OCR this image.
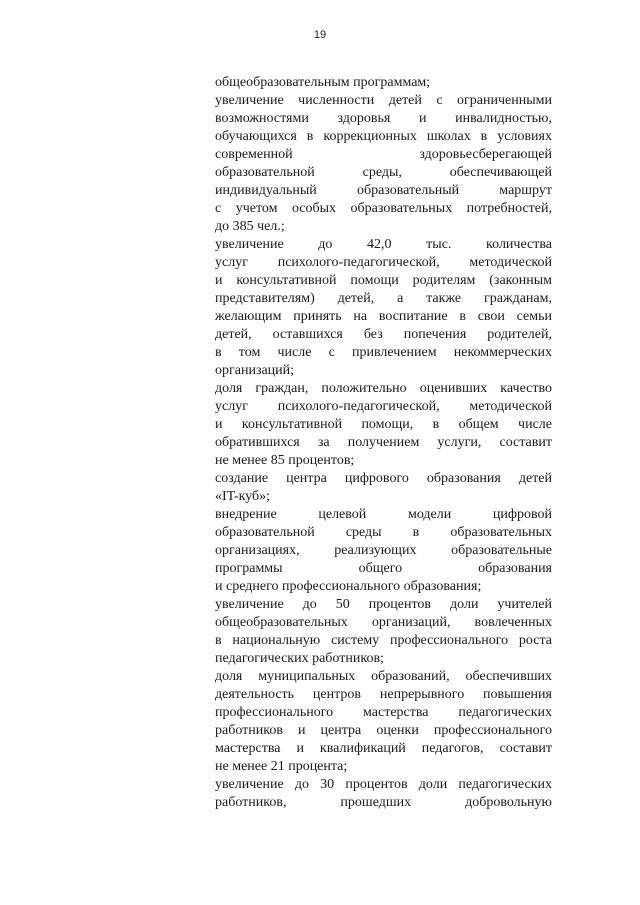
19
общеобразовательным программам;
увеличение численности детей с ограниченными
возможностями здоровья и инвалидностью,
обучающихся в коррекционных школах в условиях
современной здоровьесберегающей
образовательной среды, обеспечивающей
индивидуальный образовательный маршрут
с учетом особых образовательных потребностей,
до 385 чел.;
увеличение до 42,0 тыс. количества
услуг психолого-педагогической, методической
и консультативной помощи родителям (законным
представителям) детей, а также гражданам,
желающим принять на воспитание в свои семьи
детей, оставшихся без попечения родителей,
в том числе с привлечением некоммерческих
организаций;
доля граждан, положительно оценивших качество
услуг психолого-педагогической, методической
и консультативной помощи, в общем числе
обратившихся за получением услуги, составит
не менее 85 процентов;
создание центра цифрового образования детей
«IT-куб»;
внедрение целевой модели цифровой
образовательной среды в образовательных
организациях, реализующих образовательные
программы общего образования
и среднего профессионального образования;
увеличение до 50 процентов доли учителей
общеобразовательных организаций, вовлеченных
в национальную систему профессионального роста
педагогических работников;
доля муниципальных образований, обеспечивших
деятельность центров непрерывного повышения
профессионального мастерства педагогических
работников и центра оценки профессионального
мастерства и квалификаций педагогов, составит
не менее 21 процента;
увеличение до 30 процентов доли педагогических
работников, прошедших добровольную
